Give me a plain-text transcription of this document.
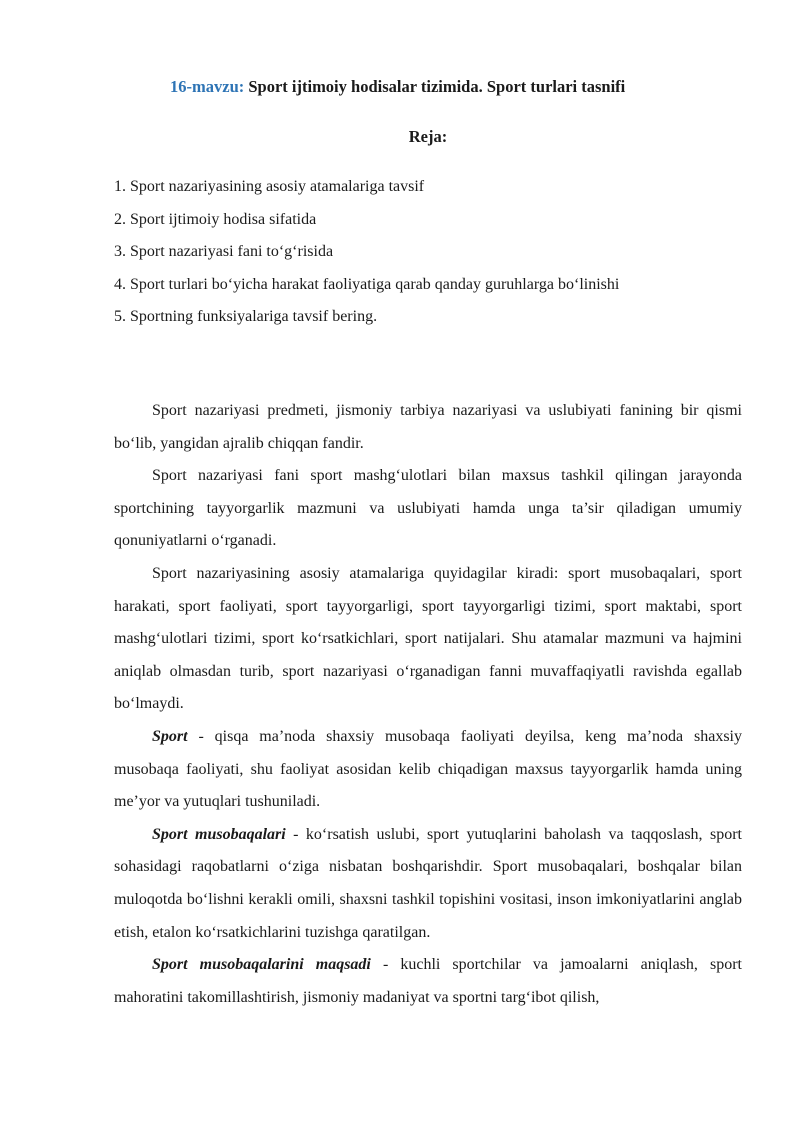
16-mavzu: Sport ijtimoiy hodisalar tizimida. Sport turlari tasnifi
Reja:
1. Sport nazariyasining asosiy atamalariga tavsif
2. Sport ijtimoiy hodisa sifatida
3. Sport nazariyasi fani to‘g‘risida
4. Sport turlari bo‘yicha harakat faoliyatiga qarab qanday guruhlarga bo‘linishi
5. Sportning funksiyalariga tavsif bering.

Sport nazariyasi predmeti, jismoniy tarbiya nazariyasi va uslubiyati fanining bir qismi bo‘lib, yangidan ajralib chiqqan fandir.

Sport nazariyasi fani sport mashg‘ulotlari bilan maxsus tashkil qilingan jarayonda sportchining tayyorgarlik mazmuni va uslubiyati hamda unga ta’sir qiladigan umumiy qonuniyatlarni o‘rganadi.

Sport nazariyasining asosiy atamalariga quyidagilar kiradi: sport musobaqalari, sport harakati, sport faoliyati, sport tayyorgarligi, sport tayyorgarligi tizimi, sport maktabi, sport mashg‘ulotlari tizimi, sport ko‘rsatkichlari, sport natijalari. Shu atamalar mazmuni va hajmini aniqlab olmasdan turib, sport nazariyasi o‘rganadigan fanni muvaffaqiyatli ravishda egallab bo‘lmaydi.

Sport - qisqa ma’noda shaxsiy musobaqa faoliyati deyilsa, keng ma’noda shaxsiy musobaqa faoliyati, shu faoliyat asosidan kelib chiqadigan maxsus tayyorgarlik hamda uning me’yor va yutuqlari tushuniladi.

Sport musobaqalari - ko‘rsatish uslubi, sport yutuqlarini baholash va taqqoslash, sport sohasidagi raqobatlarni o‘ziga nisbatan boshqarishdir. Sport musobaqalari, boshqalar bilan muloqotda bo‘lishni kerakli omili, shaxsni tashkil topishini vositasi, inson imkoniyatlarini anglab etish, etalon ko‘rsatkichlarini tuzishga qaratilgan.

Sport musobaqalarini maqsadi - kuchli sportchilar va jamoalarni aniqlash, sport mahoratini takomillashtirish, jismoniy madaniyat va sportni targ‘ibot qilish,
